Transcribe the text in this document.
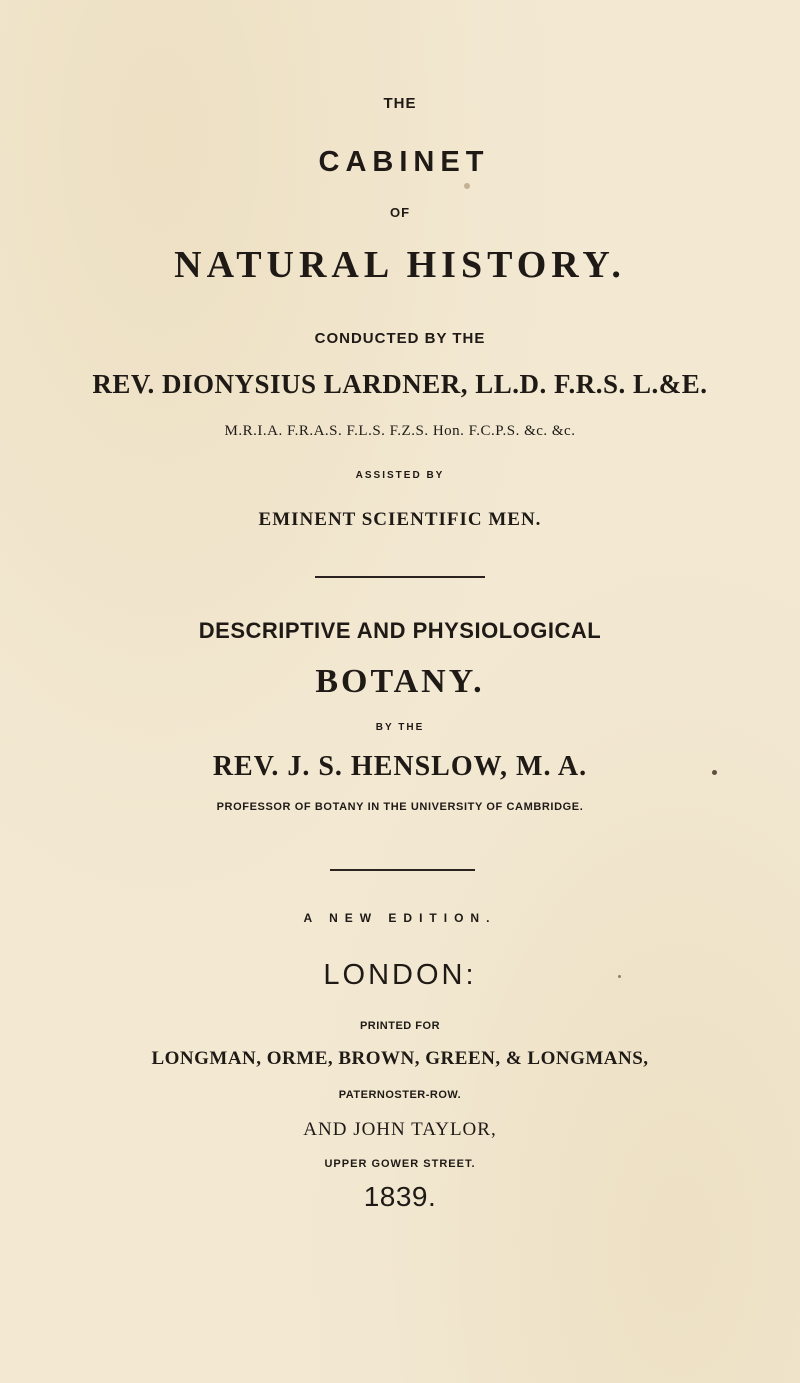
THE
CABINET
OF
NATURAL HISTORY.
CONDUCTED BY THE
REV. DIONYSIUS LARDNER, LL.D. F.R.S. L.&E.
M.R.I.A. F.R.A.S. F.L.S. F.Z.S. Hon. F.C.P.S. &c. &c.
ASSISTED BY
EMINENT SCIENTIFIC MEN.
DESCRIPTIVE AND PHYSIOLOGICAL
BOTANY.
BY THE
REV. J. S. HENSLOW, M. A.
PROFESSOR OF BOTANY IN THE UNIVERSITY OF CAMBRIDGE.
A NEW EDITION.
LONDON:
PRINTED FOR
LONGMAN, ORME, BROWN, GREEN, & LONGMANS,
PATERNOSTER-ROW.
AND JOHN TAYLOR,
UPPER GOWER STREET.
1839.
